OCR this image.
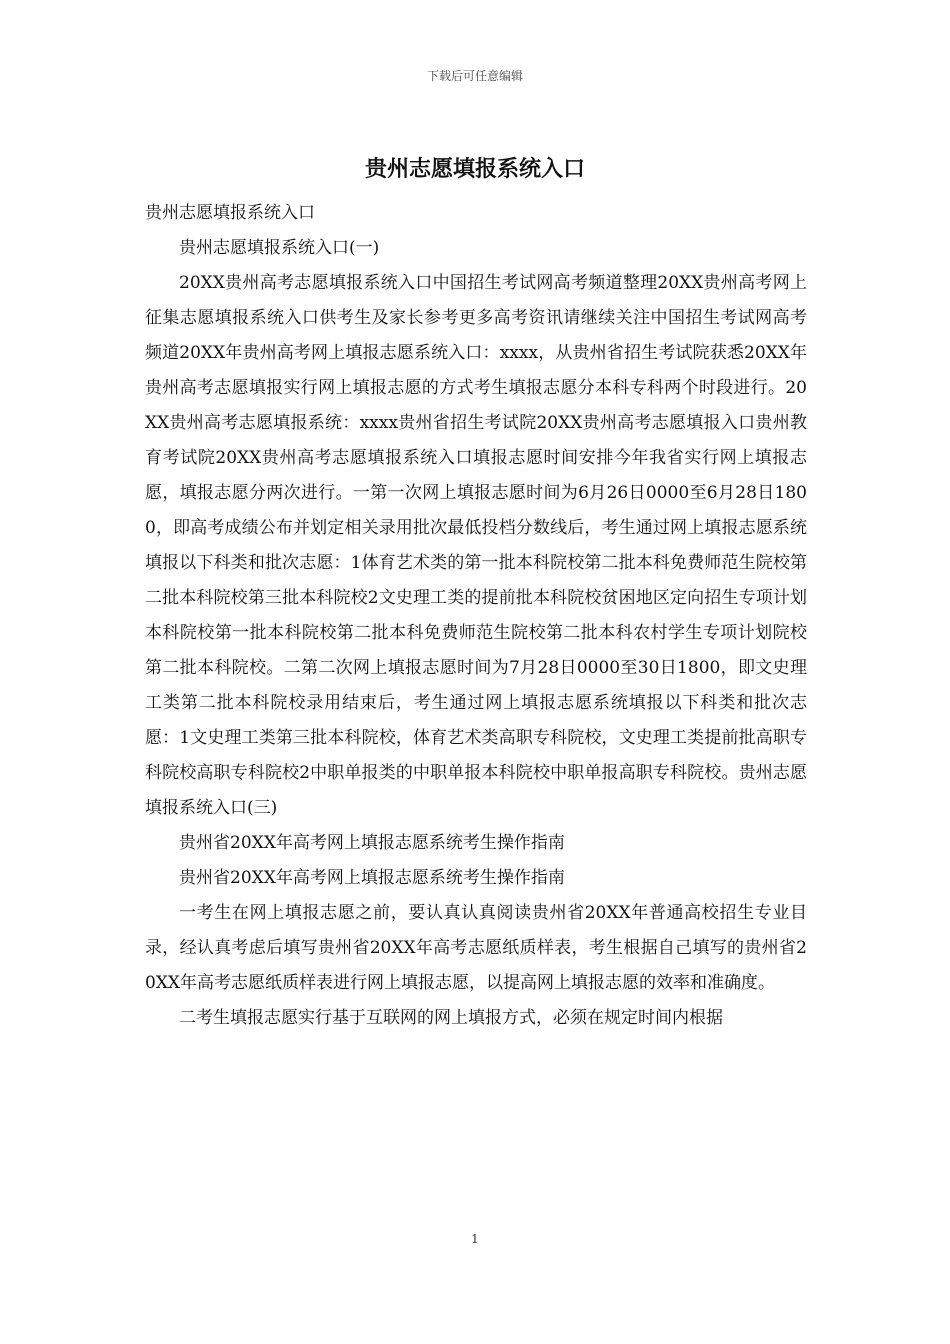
下载后可任意编辑
贵州志愿填报系统入口

贵州志愿填报系统入口

贵州志愿填报系统入口(一)

20XX贵州高考志愿填报系统入口中国招生考试网高考频道整理20XX贵州高考网上征集志愿填报系统入口供考生及家长参考更多高考资讯请继续关注中国招生考试网高考频道20XX年贵州高考网上填报志愿系统入口：xxxx，从贵州省招生考试院获悉20XX年贵州高考志愿填报实行网上填报志愿的方式考生填报志愿分本科专科两个时段进行。20XX贵州高考志愿填报系统：xxxx贵州省招生考试院20XX贵州高考志愿填报入口贵州教育考试院20XX贵州高考志愿填报系统入口填报志愿时间安排今年我省实行网上填报志愿，填报志愿分两次进行。一第一次网上填报志愿时间为6月26日0000至6月28日1800，即高考成绩公布并划定相关录用批次最低投档分数线后，考生通过网上填报志愿系统填报以下科类和批次志愿：1体育艺术类的第一批本科院校第二批本科免费师范生院校第二批本科院校第三批本科院校2文史理工类的提前批本科院校贫困地区定向招生专项计划本科院校第一批本科院校第二批本科免费师范生院校第二批本科农村学生专项计划院校第二批本科院校。二第二次网上填报志愿时间为7月28日0000至30日1800，即文史理工类第二批本科院校录用结束后，考生通过网上填报志愿系统填报以下科类和批次志愿：1文史理工类第三批本科院校，体育艺术类高职专科院校，文史理工类提前批高职专科院校高职专科院校2中职单报类的中职单报本科院校中职单报高职专科院校。贵州志愿填报系统入口(三)

贵州省20XX年高考网上填报志愿系统考生操作指南

贵州省20XX年高考网上填报志愿系统考生操作指南

一考生在网上填报志愿之前，要认真认真阅读贵州省20XX年普通高校招生专业目录，经认真考虑后填写贵州省20XX年高考志愿纸质样表，考生根据自己填写的贵州省20XX年高考志愿纸质样表进行网上填报志愿，以提高网上填报志愿的效率和准确度。

二考生填报志愿实行基于互联网的网上填报方式，必须在规定时间内根据

1
